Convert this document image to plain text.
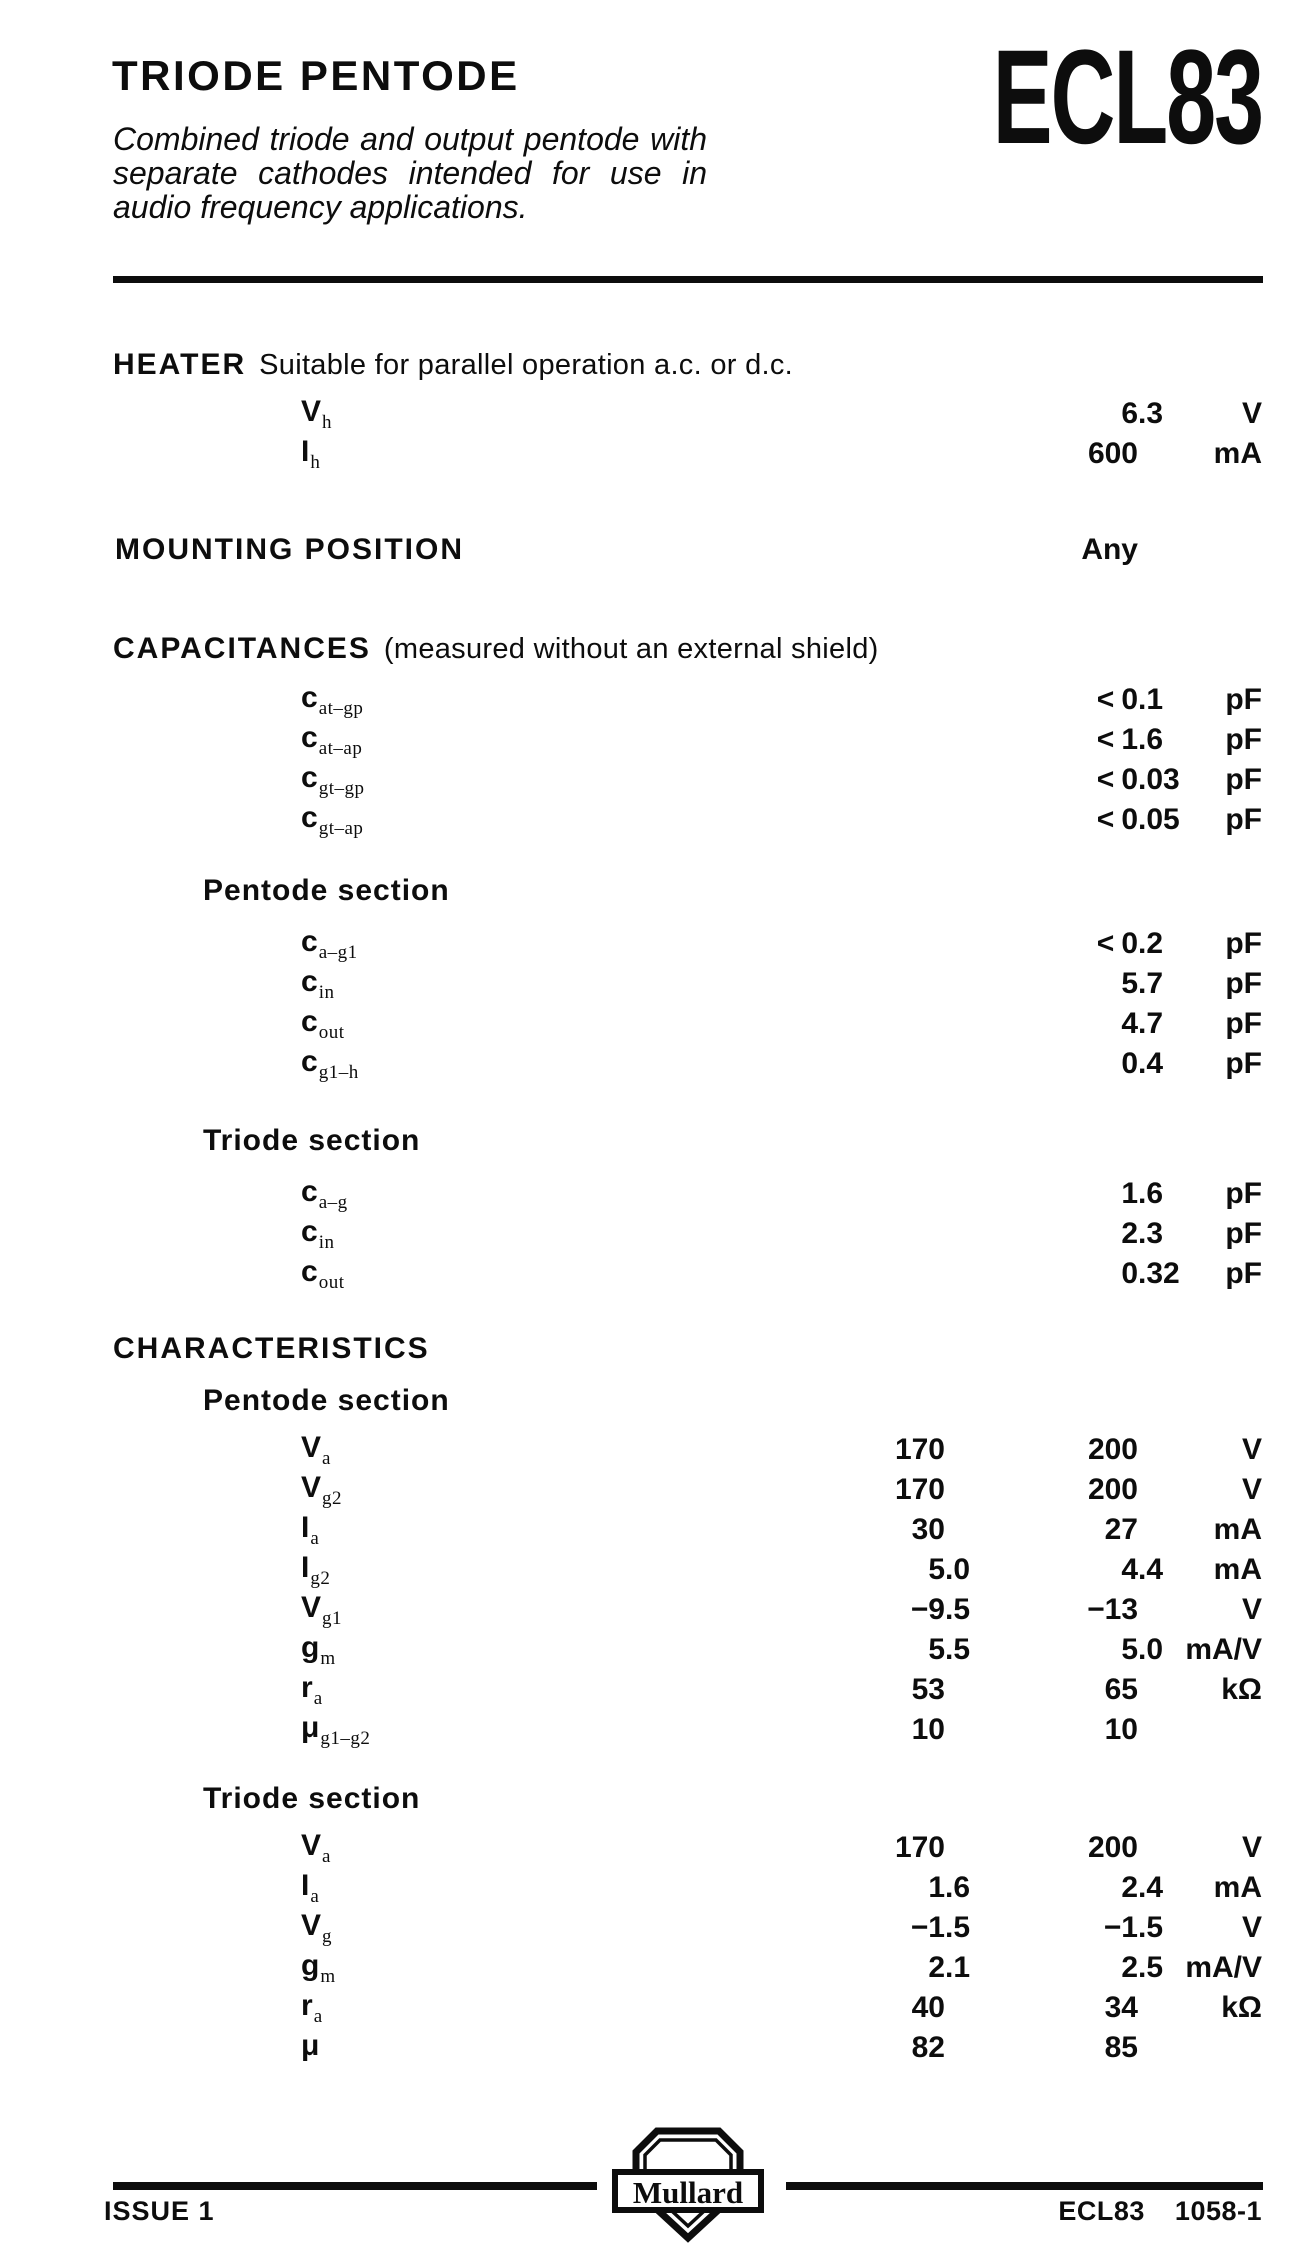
TRIODE PENTODE
Combined triode and output pentode with
separate cathodes intended for use in
audio frequency applications.
ECL83
HEATER Suitable for parallel operation a.c. or d.c.
$V_h$	6 .3	V
$I_h$	600	mA
MOUNTING POSITION	Any
CAPACITANCES (measured without an external shield)
$c_{at-gp}$	< 0 .1	pF
$c_{at-ap}$	< 1 .6	pF
$c_{gt-gp}$	< 0 .03	pF
$c_{gt-ap}$	< 0 .05	pF
Pentode section
$c_{a-g1}$	< 0 .2	pF
$c_{in}$	5 .7	pF
$c_{out}$	4 .7	pF
$c_{g1-h}$	0 .4	pF
Triode section
$c_{a-g}$	1 .6	pF
$c_{in}$	2 .3	pF
$c_{out}$	0 .32	pF
CHARACTERISTICS
Pentode section
$V_a$	170	200	V
$V_{g2}$	170	200	V
$I_a$	30	27	mA
$I_{g2}$	5 .0	4 .4	mA
$V_{g1}$	−9 .5	−13	V
$g_m$	5 .5	5 .0 mA/V
$r_a$	53	65	kΩ
$\mu_{g1-g2}$	10	10
Triode section
$V_a$	170	200	V
$I_a$	1 .6	2 .4	mA
$V_g$	−1 .5	−1 .5	V
$g_m$	2 .1	2 .5 mA/V
$r_a$	40	34	kΩ
μ	82	85
Mullard
ISSUE 1	ECL83 1058-1
